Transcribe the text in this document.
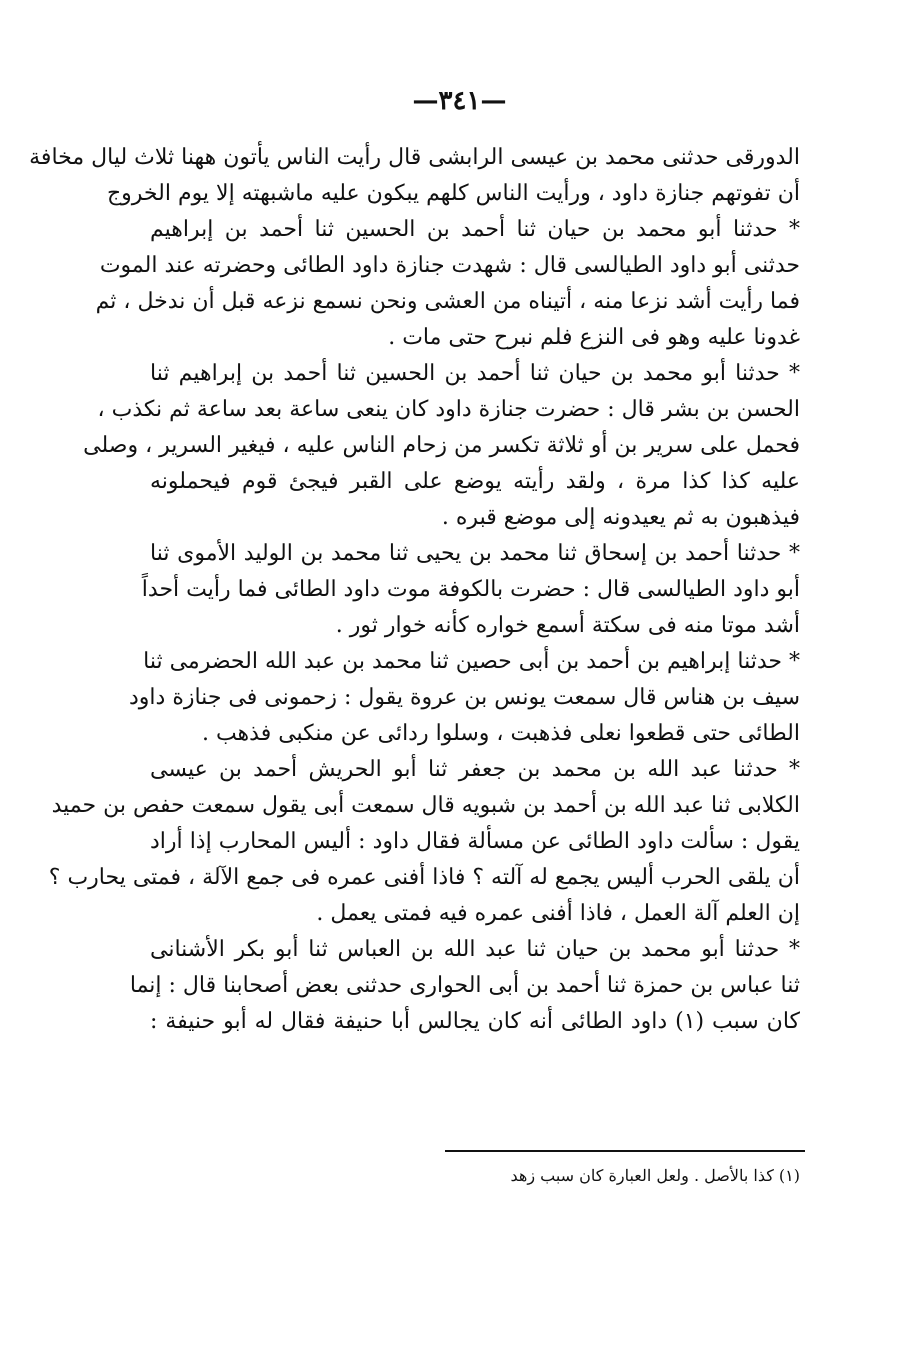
—٣٤١—
الدورقى حدثنى محمد بن عيسى الرابشى قال رأيت الناس يأتون ههنا ثلاث ليال مخافة
أن تفوتهم جنازة داود ، ورأيت الناس كلهم يبكون عليه ماشبهته إلا يوم الخروج
* حدثنا أبو محمد بن حيان ثنا أحمد بن الحسين ثنا أحمد بن إبراهيم
حدثنى أبو داود الطيالسى قال : شهدت جنازة داود الطائى وحضرته عند الموت
فما رأيت أشد نزعا منه ، أتيناه من العشى ونحن نسمع نزعه قبل أن ندخل ، ثم
غدونا عليه وهو فى النزع فلم نبرح حتى مات .
* حدثنا أبو محمد بن حيان ثنا أحمد بن الحسين ثنا أحمد بن إبراهيم ثنا
الحسن بن بشر قال : حضرت جنازة داود كان ينعى ساعة بعد ساعة ثم نكذب ،
فحمل على سرير بن أو ثلاثة تكسر من زحام الناس عليه ، فيغير السرير ، وصلى
عليه كذا كذا مرة ، ولقد رأيته يوضع على القبر فيجئ قوم فيحملونه
فيذهبون به ثم يعيدونه إلى موضع قبره .
* حدثنا أحمد بن إسحاق ثنا محمد بن يحيى ثنا محمد بن الوليد الأموى ثنا
أبو داود الطيالسى قال : حضرت بالكوفة موت داود الطائى فما رأيت أحداً
أشد موتا منه فى سكتة أسمع خواره كأنه خوار ثور .
* حدثنا إبراهيم بن أحمد بن أبى حصين ثنا محمد بن عبد الله الحضرمى ثنا
سيف بن هناس قال سمعت يونس بن عروة يقول : زحمونى فى جنازة داود
الطائى حتى قطعوا نعلى فذهبت ، وسلوا ردائى عن منكبى فذهب .
* حدثنا عبد الله بن محمد بن جعفر ثنا أبو الحريش أحمد بن عيسى
الكلابى ثنا عبد الله بن أحمد بن شبويه قال سمعت أبى يقول سمعت حفص بن حميد
يقول : سألت داود الطائى عن مسألة فقال داود : أليس المحارب إذا أراد
أن يلقى الحرب أليس يجمع له آلته ؟ فاذا أفنى عمره فى جمع الآلة ، فمتى يحارب ؟
إن العلم آلة العمل ، فاذا أفنى عمره فيه فمتى يعمل .
* حدثنا أبو محمد بن حيان ثنا عبد الله بن العباس ثنا أبو بكر الأشنانى
ثنا عباس بن حمزة ثنا أحمد بن أبى الحوارى حدثنى بعض أصحابنا قال : إنما
كان سبب (١) داود الطائى أنه كان يجالس أبا حنيفة فقال له أبو حنيفة :
(١) كذا بالأصل . ولعل العبارة كان سبب زهد
